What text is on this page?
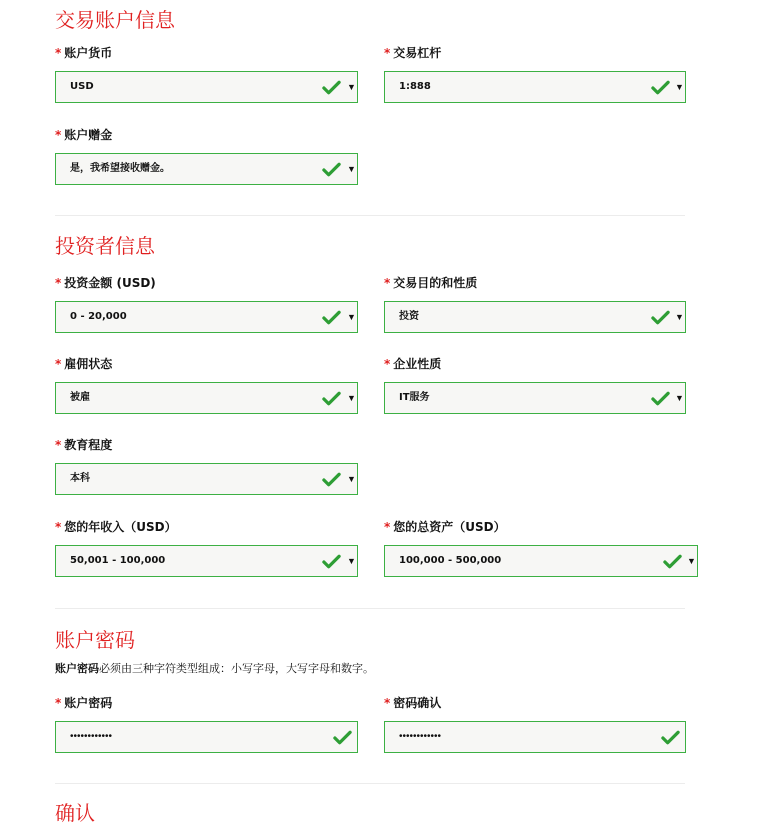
交易账户信息
* 账户货币
USD	▼
* 交易杠杆
1:888	▼
* 账户赠金
是，我希望接收赠金。	▼
投资者信息
* 投资金额 (USD)
0 - 20,000	▼
* 交易目的和性质
投资	▼
* 雇佣状态
被雇	▼
* 企业性质
IT服务	▼
* 教育程度
本科	▼
* 您的年收入（USD）
50,001 - 100,000	▼
* 您的总资产（USD）
100,000 - 500,000	▼
账户密码
账户密码必须由三种字符类型组成：小写字母，大写字母和数字。
* 账户密码
••••••••••••
* 密码确认
••••••••••••
确认
